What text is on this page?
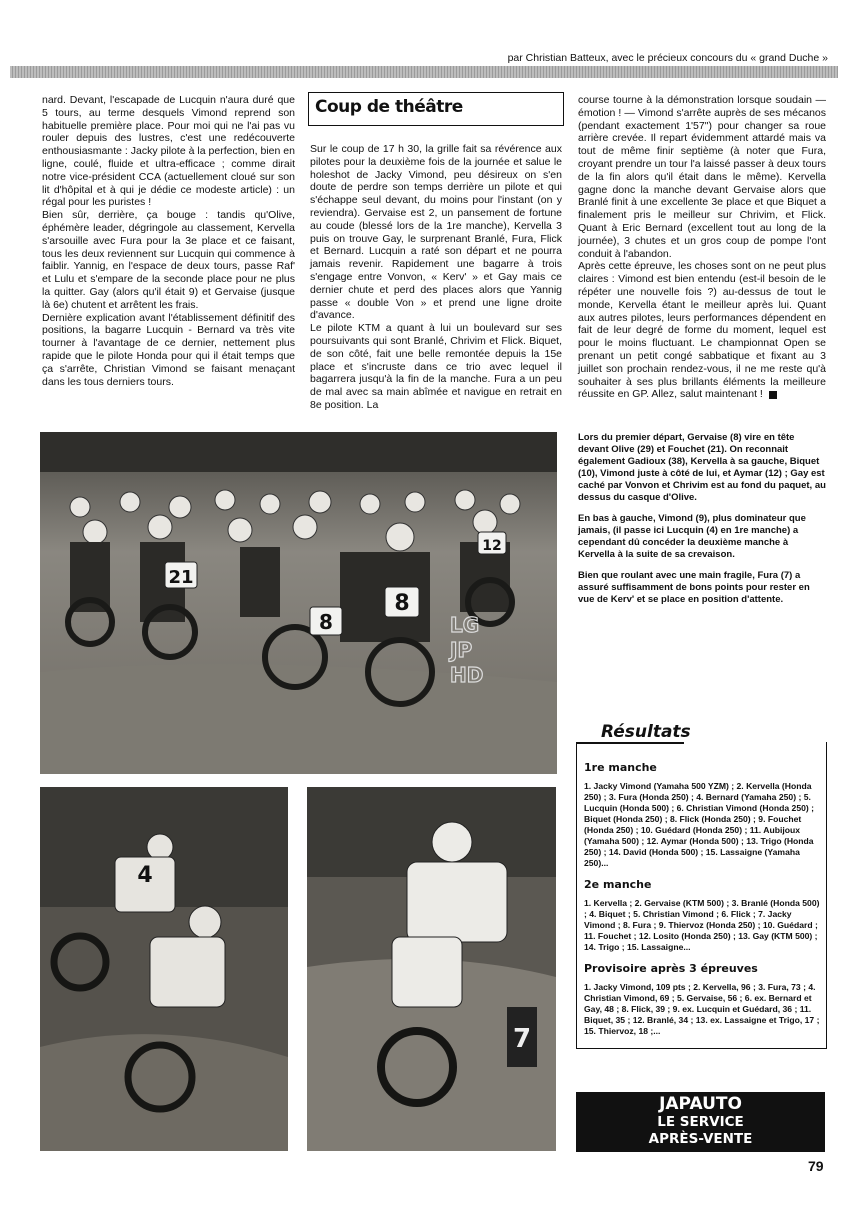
par Christian Batteux, avec le précieux concours du « grand Duche »

nard. Devant, l'escapade de Lucquin n'aura duré que 5 tours, au terme desquels Vimond reprend son habituelle première place. Pour moi qui ne l'ai pas vu rouler depuis des lustres, c'est une redécouverte enthousiasmante : Jacky pilote à la perfection, bien en ligne, coulé, fluide et ultra-efficace ; comme dirait notre vice-président CCA (actuellement cloué sur son lit d'hôpital et à qui je dédie ce modeste article) : un régal pour les puristes !

Bien sûr, derrière, ça bouge : tandis qu'Olive, éphémère leader, dégringole au classement, Kervella s'arsouille avec Fura pour la 3e place et ce faisant, tous les deux reviennent sur Lucquin qui commence à faiblir. Yannig, en l'espace de deux tours, passe Raf' et Lulu et s'empare de la seconde place pour ne plus la quitter. Gay (alors qu'il était 9) et Gervaise (jusque là 6e) chutent et arrêtent les frais.

Dernière explication avant l'établissement définitif des positions, la bagarre Lucquin - Bernard va très vite tourner à l'avantage de ce dernier, nettement plus rapide que le pilote Honda pour qui il était temps que ça s'arrête, Christian Vimond se faisant menaçant dans les tous derniers tours.

Coup de théâtre

Sur le coup de 17 h 30, la grille fait sa révérence aux pilotes pour la deuxième fois de la journée et salue le holeshot de Jacky Vimond, peu désireux on s'en doute de perdre son temps derrière un pilote et qui s'échappe seul devant, du moins pour l'instant (on y reviendra). Gervaise est 2, un pansement de fortune au coude (blessé lors de la 1re manche), Kervella 3 puis on trouve Gay, le surprenant Branlé, Fura, Flick et Bernard. Lucquin a raté son départ et ne pourra jamais revenir. Rapidement une bagarre à trois s'engage entre Vonvon, « Kerv' » et Gay mais ce dernier chute et perd des places alors que Yannig passe « double Von » et prend une ligne droite d'avance.

Le pilote KTM a quant à lui un boulevard sur ses poursuivants qui sont Branlé, Chrivim et Flick. Biquet, de son côté, fait une belle remontée depuis la 15e place et s'incruste dans ce trio avec lequel il bagarrera jusqu'à la fin de la manche. Fura a un peu de mal avec sa main abîmée et navigue en retrait en 8e position. La

course tourne à la démonstration lorsque soudain — émotion ! — Vimond s'arrête auprès de ses mécanos (pendant exactement 1'57") pour changer sa roue arrière crevée. Il repart évidemment attardé mais va tout de même finir septième (à noter que Fura, croyant prendre un tour l'a laissé passer à deux tours de la fin alors qu'il était dans le même). Kervella gagne donc la manche devant Gervaise alors que Branlé finit à une excellente 3e place et que Biquet a finalement pris le meilleur sur Chrivim, et Flick. Quant à Eric Bernard (excellent tout au long de la journée), 3 chutes et un gros coup de pompe l'ont conduit à l'abandon.

Après cette épreuve, les choses sont on ne peut plus claires : Vimond est bien entendu (est-il besoin de le répéter une nouvelle fois ?) au-dessus de tout le monde, Kervella étant le meilleur après lui. Quant aux autres pilotes, leurs performances dépendent en fait de leur degré de forme du moment, lequel est pour le moins fluctuant. Le championnat Open se prenant un petit congé sabbatique et fixant au 3 juillet son prochain rendez-vous, il ne me reste qu'à souhaiter à ses plus brillants éléments la meilleure réussite en GP. Allez, salut maintenant !

21
8
8
12
LG
JP
HD
4
7

Lors du premier départ, Gervaise (8) vire en tête devant Olive (29) et Fouchet (21). On reconnait également Gadioux (38), Kervella à sa gauche, Biquet (10), Vimond juste à côté de lui, et Aymar (12) ; Gay est caché par Vonvon et Chrivim est au fond du paquet, au dessus du casque d'Olive.

En bas à gauche, Vimond (9), plus dominateur que jamais, (il passe ici Lucquin (4) en 1re manche) a cependant dû concéder la deuxième manche à Kervella à la suite de sa crevaison.

Bien que roulant avec une main fragile, Fura (7) a assuré suffisamment de bons points pour rester en vue de Kerv' et se place en position d'attente.

Résultats
1re manche
1. Jacky Vimond (Yamaha 500 YZM) ; 2. Kervella (Honda 250) ; 3. Fura (Honda 250) ; 4. Bernard (Yamaha 250) ; 5. Lucquin (Honda 500) ; 6. Christian Vimond (Honda 250) ; Biquet (Honda 250) ; 8. Flick (Honda 250) ; 9. Fouchet (Honda 250) ; 10. Guédard (Honda 250) ; 11. Aubijoux (Yamaha 500) ; 12. Aymar (Honda 500) ; 13. Trigo (Honda 250) ; 14. David (Honda 500) ; 15. Lassaigne (Yamaha 250)...
2e manche
1. Kervella ; 2. Gervaise (KTM 500) ; 3. Branlé (Honda 500) ; 4. Biquet ; 5. Christian Vimond ; 6. Flick ; 7. Jacky Vimond ; 8. Fura ; 9. Thiervoz (Honda 250) ; 10. Guédard ; 11. Fouchet ; 12. Losito (Honda 250) ; 13. Gay (KTM 500) ; 14. Trigo ; 15. Lassaigne...
Provisoire après 3 épreuves
1. Jacky Vimond, 109 pts ; 2. Kervella, 96 ; 3. Fura, 73 ; 4. Christian Vimond, 69 ; 5. Gervaise, 56 ; 6. ex. Bernard et Gay, 48 ; 8. Flick, 39 ; 9. ex. Lucquin et Guédard, 36 ; 11. Biquet, 35 ; 12. Branlé, 34 ; 13. ex. Lassaigne et Trigo, 17 ; 15. Thiervoz, 18 ;...
JAPAUTO
LE SERVICE
APRÈS-VENTE
79
